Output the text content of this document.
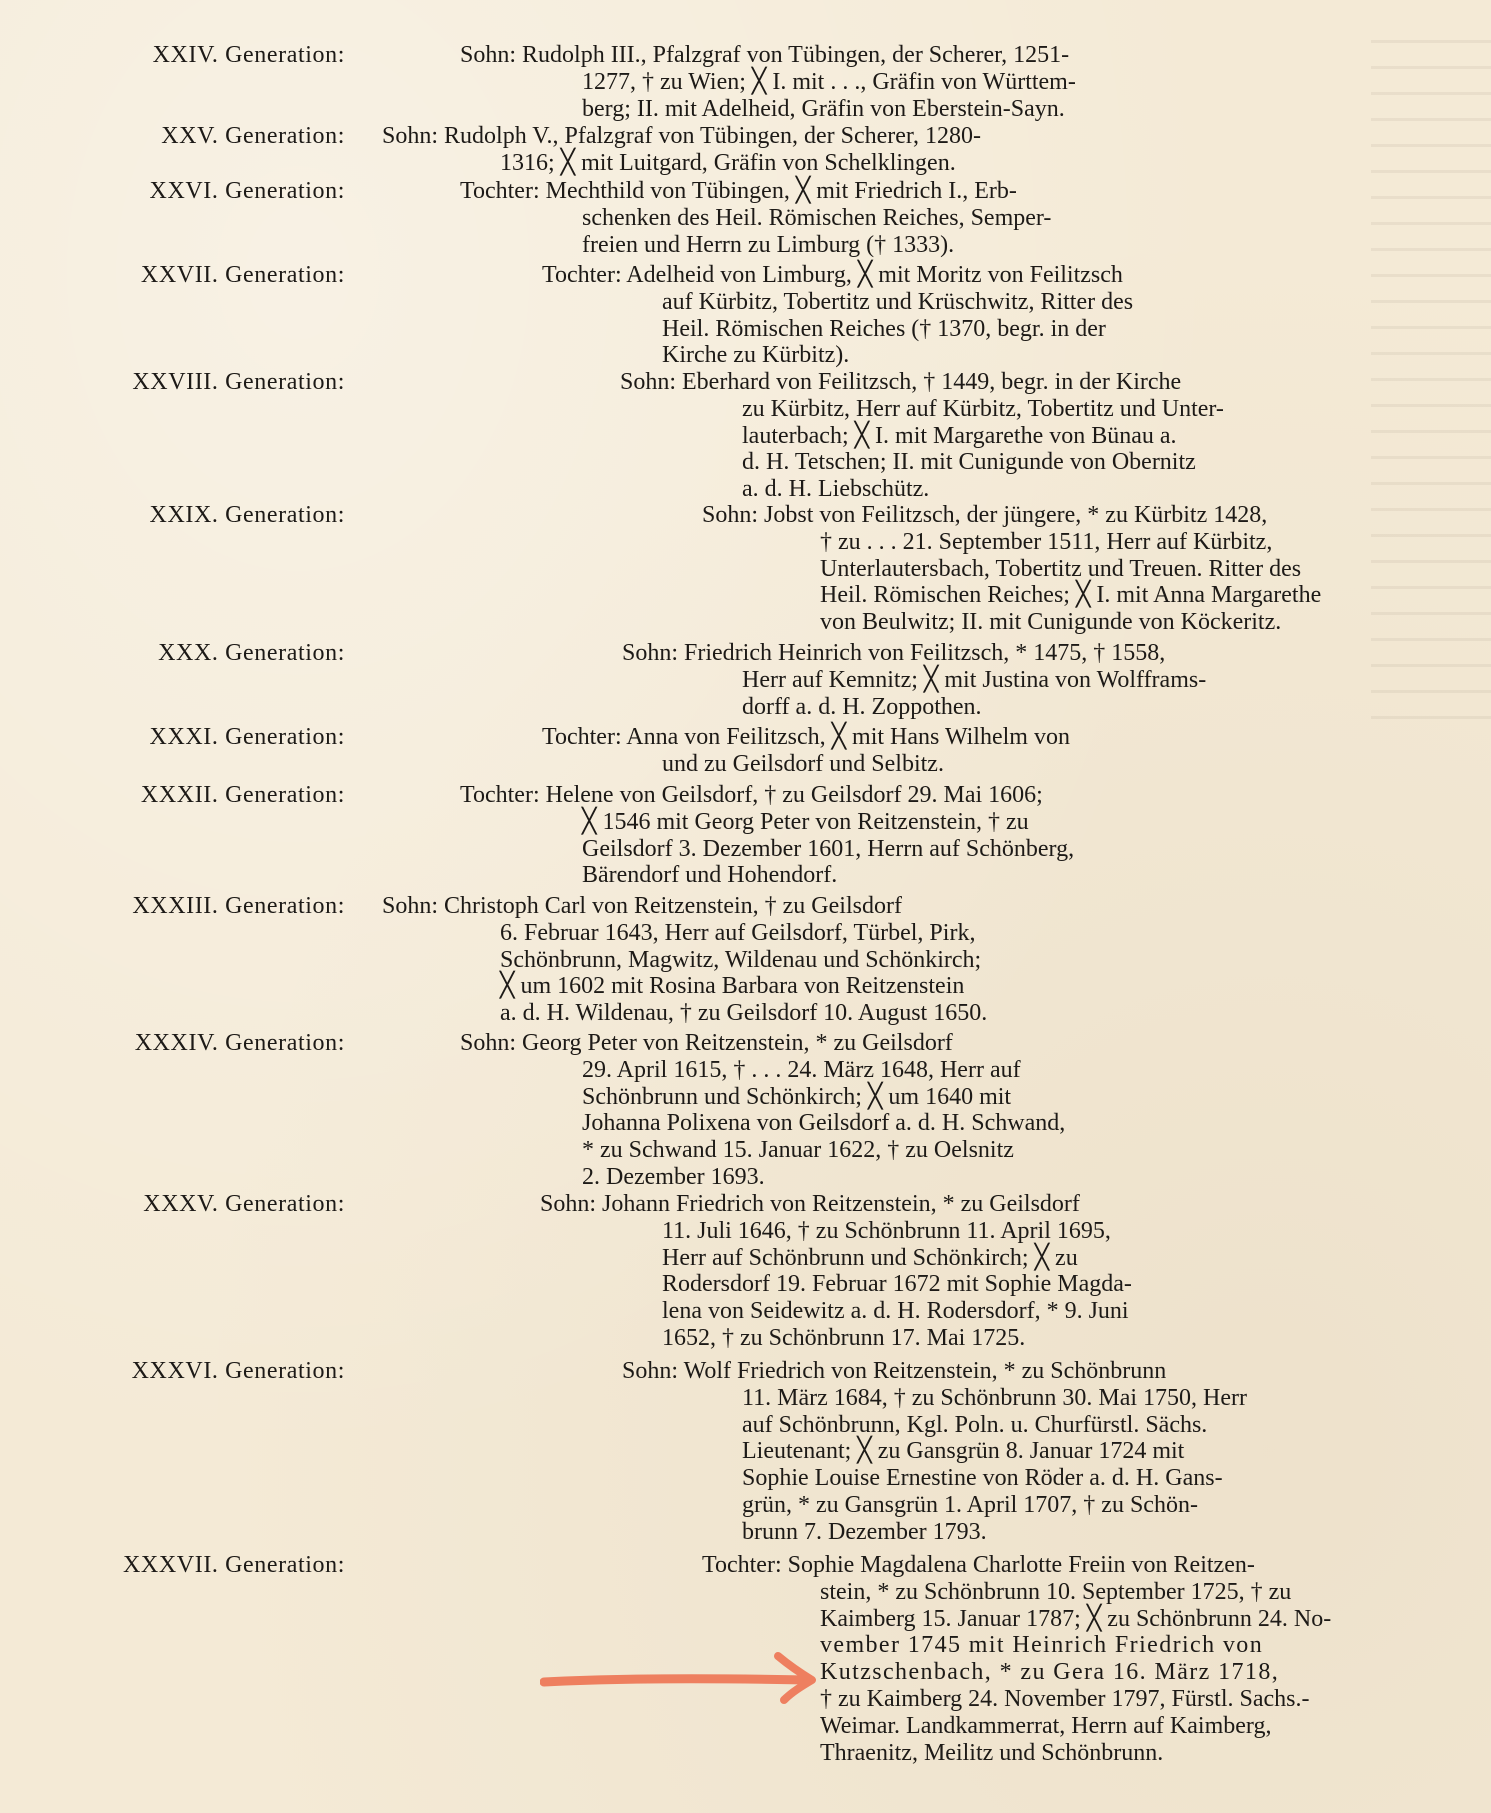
XXIV. Generation:	Sohn: Rudolph III., Pfalzgraf von Tübingen, der Scherer, 1251-
1277, † zu Wien; ╳ I. mit . . ., Gräfin von Württem-
berg; II. mit Adelheid, Gräfin von Eberstein-Sayn.
XXV. Generation: Sohn: Rudolph V., Pfalzgraf von Tübingen, der Scherer, 1280-
1316; ╳ mit Luitgard, Gräfin von Schelklingen.
XXVI. Generation:	Tochter: Mechthild von Tübingen, ╳ mit Friedrich I., Erb-
schenken des Heil. Römischen Reiches, Semper-
freien und Herrn zu Limburg († 1333).
XXVII. Generation:	Tochter: Adelheid von Limburg, ╳ mit Moritz von Feilitzsch
auf Kürbitz, Tobertitz und Krüschwitz, Ritter des
Heil. Römischen Reiches († 1370, begr. in der
Kirche zu Kürbitz).
XXVIII. Generation:	Sohn: Eberhard von Feilitzsch, † 1449, begr. in der Kirche
zu Kürbitz, Herr auf Kürbitz, Tobertitz und Unter-
lauterbach; ╳ I. mit Margarethe von Bünau a.
d. H. Tetschen; II. mit Cunigunde von Obernitz
a. d. H. Liebschütz.
XXIX. Generation:	Sohn: Jobst von Feilitzsch, der jüngere, * zu Kürbitz 1428,
† zu . . . 21. September 1511, Herr auf Kürbitz,
Unterlautersbach, Tobertitz und Treuen. Ritter des
Heil. Römischen Reiches; ╳ I. mit Anna Margarethe
von Beulwitz; II. mit Cunigunde von Köckeritz.
XXX. Generation:	Sohn: Friedrich Heinrich von Feilitzsch, * 1475, † 1558,
Herr auf Kemnitz; ╳ mit Justina von Wolfframs-
dorff a. d. H. Zoppothen.
XXXI. Generation:	Tochter: Anna von Feilitzsch, ╳ mit Hans Wilhelm von
und zu Geilsdorf und Selbitz.
XXXII. Generation:	Tochter: Helene von Geilsdorf, † zu Geilsdorf 29. Mai 1606;
╳ 1546 mit Georg Peter von Reitzenstein, † zu
Geilsdorf 3. Dezember 1601, Herrn auf Schönberg,
Bärendorf und Hohendorf.
XXXIII. Generation: Sohn: Christoph Carl von Reitzenstein, † zu Geilsdorf
6. Februar 1643, Herr auf Geilsdorf, Türbel, Pirk,
Schönbrunn, Magwitz, Wildenau und Schönkirch;
╳ um 1602 mit Rosina Barbara von Reitzenstein
a. d. H. Wildenau, † zu Geilsdorf 10. August 1650.
XXXIV. Generation:	Sohn: Georg Peter von Reitzenstein, * zu Geilsdorf
29. April 1615, † . . . 24. März 1648, Herr auf
Schönbrunn und Schönkirch; ╳ um 1640 mit
Johanna Polixena von Geilsdorf a. d. H. Schwand,
* zu Schwand 15. Januar 1622, † zu Oelsnitz
2. Dezember 1693.
XXXV. Generation:	Sohn: Johann Friedrich von Reitzenstein, * zu Geilsdorf
11. Juli 1646, † zu Schönbrunn 11. April 1695,
Herr auf Schönbrunn und Schönkirch; ╳ zu
Rodersdorf 19. Februar 1672 mit Sophie Magda-
lena von Seidewitz a. d. H. Rodersdorf, * 9. Juni
1652, † zu Schönbrunn 17. Mai 1725.
XXXVI. Generation:	Sohn: Wolf Friedrich von Reitzenstein, * zu Schönbrunn
11. März 1684, † zu Schönbrunn 30. Mai 1750, Herr
auf Schönbrunn, Kgl. Poln. u. Churfürstl. Sächs.
Lieutenant; ╳ zu Gansgrün 8. Januar 1724 mit
Sophie Louise Ernestine von Röder a. d. H. Gans-
grün, * zu Gansgrün 1. April 1707, † zu Schön-
brunn 7. Dezember 1793.
XXXVII. Generation:	Tochter: Sophie Magdalena Charlotte Freiin von Reitzen-
stein, * zu Schönbrunn 10. September 1725, † zu
Kaimberg 15. Januar 1787; ╳ zu Schönbrunn 24. No-
vember 1745 mit Heinrich Friedrich von
Kutzschenbach, * zu Gera 16. März 1718,
† zu Kaimberg 24. November 1797, Fürstl. Sachs.-
Weimar. Landkammerrat, Herrn auf Kaimberg,
Thraenitz, Meilitz und Schönbrunn.
